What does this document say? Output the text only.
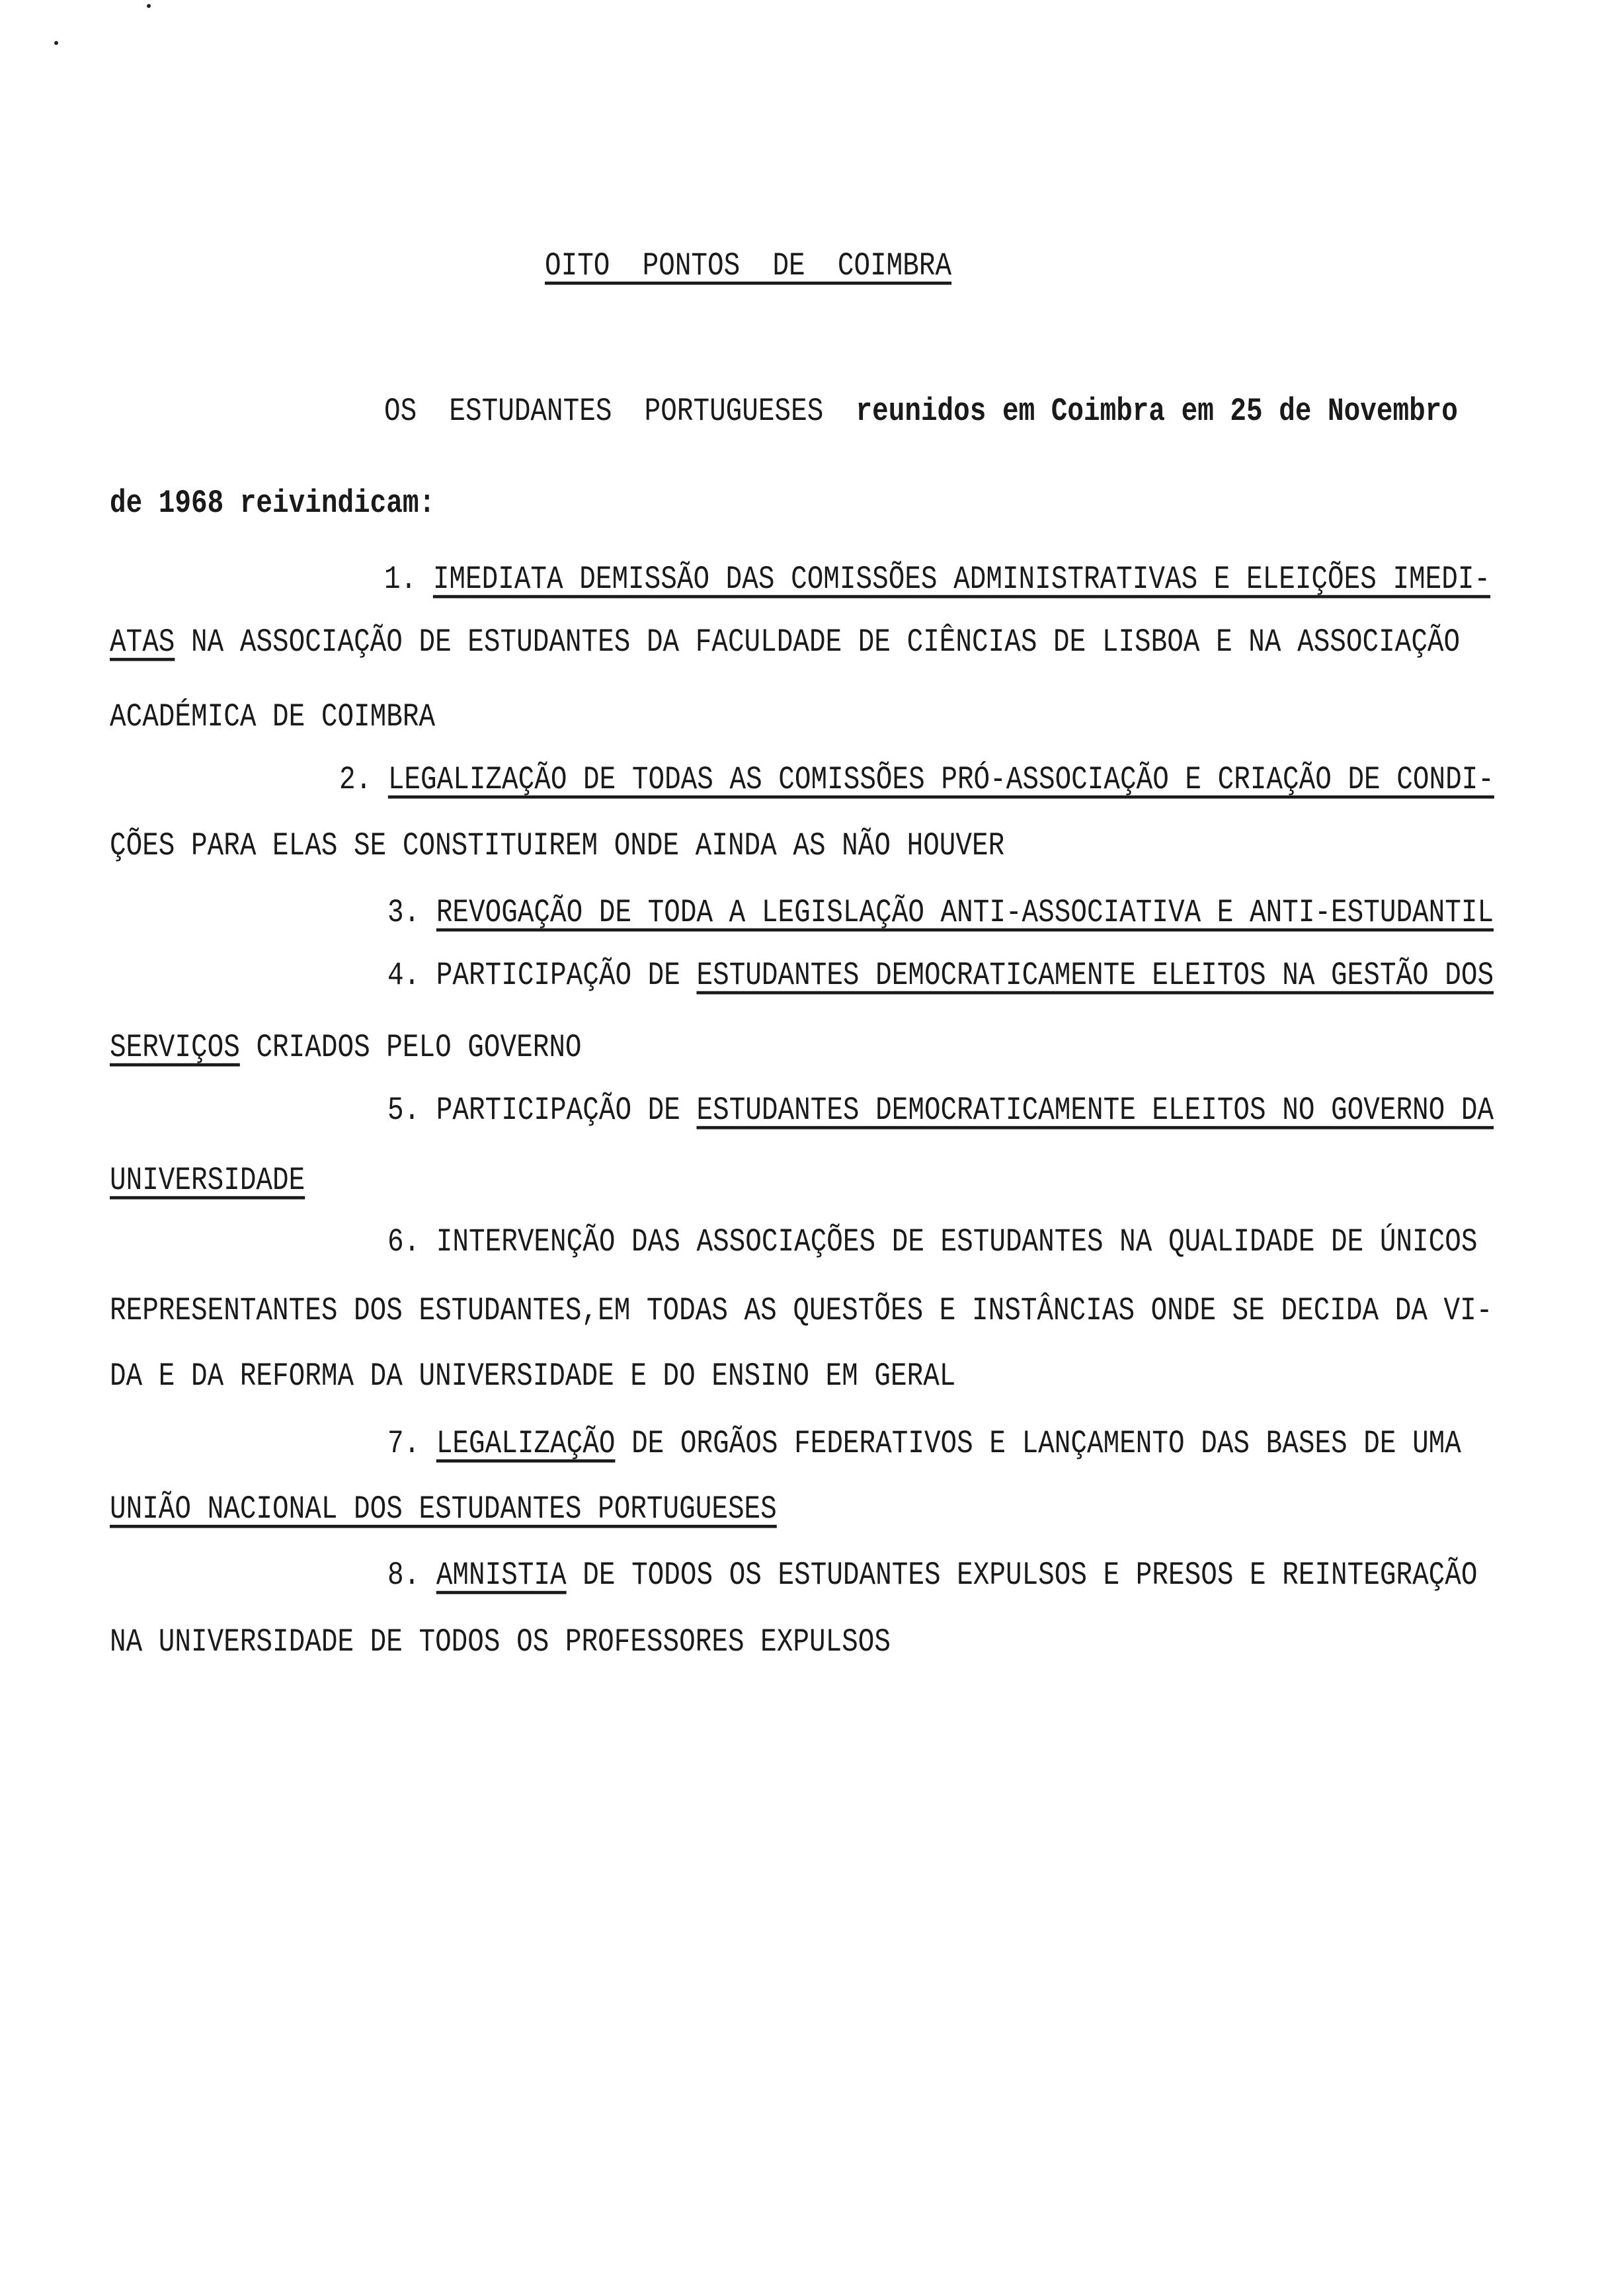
OITO  PONTOS  DE  COIMBRA
OS  ESTUDANTES  PORTUGUESES  reunidos em Coimbra em 25 de Novembro
de 1968 reivindicam:
1. IMEDIATA DEMISSÃO DAS COMISSÕES ADMINISTRATIVAS E ELEIÇÕES IMEDI-
ATAS NA ASSOCIAÇÃO DE ESTUDANTES DA FACULDADE DE CIÊNCIAS DE LISBOA E NA ASSOCIAÇÃO
ACADÉMICA DE COIMBRA
2. LEGALIZAÇÃO DE TODAS AS COMISSÕES PRÓ-ASSOCIAÇÃO E CRIAÇÃO DE CONDI-
ÇÕES PARA ELAS SE CONSTITUIREM ONDE AINDA AS NÃO HOUVER
3. REVOGAÇÃO DE TODA A LEGISLAÇÃO ANTI-ASSOCIATIVA E ANTI-ESTUDANTIL
4. PARTICIPAÇÃO DE ESTUDANTES DEMOCRATICAMENTE ELEITOS NA GESTÃO DOS
SERVIÇOS CRIADOS PELO GOVERNO
5. PARTICIPAÇÃO DE ESTUDANTES DEMOCRATICAMENTE ELEITOS NO GOVERNO DA
UNIVERSIDADE
6. INTERVENÇÃO DAS ASSOCIAÇÕES DE ESTUDANTES NA QUALIDADE DE ÚNICOS
REPRESENTANTES DOS ESTUDANTES,EM TODAS AS QUESTÕES E INSTÂNCIAS ONDE SE DECIDA DA VI-
DA E DA REFORMA DA UNIVERSIDADE E DO ENSINO EM GERAL
7. LEGALIZAÇÃO DE ORGÃOS FEDERATIVOS E LANÇAMENTO DAS BASES DE UMA
UNIÃO NACIONAL DOS ESTUDANTES PORTUGUESES
8. AMNISTIA DE TODOS OS ESTUDANTES EXPULSOS E PRESOS E REINTEGRAÇÃO
NA UNIVERSIDADE DE TODOS OS PROFESSORES EXPULSOS
